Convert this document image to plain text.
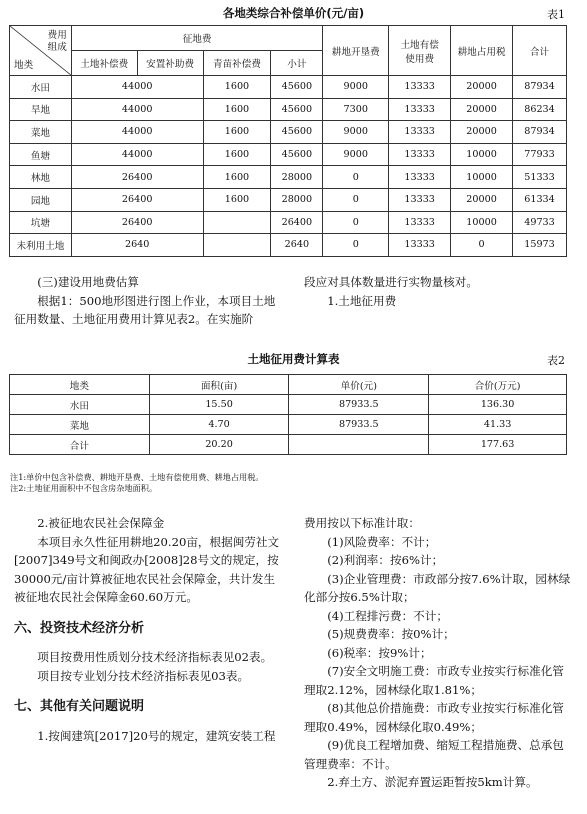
各地类综合补偿单价(元/亩)	表1
费用
组成
地类	征地费				耕地开垦费	土地有偿使用费	耕地占用税	合计
	土地补偿费	安置补助费	青苗补偿费	小计				
水田	44000		1600	45600	9000	13333	20000	87934
旱地	44000		1600	45600	7300	13333	20000	86234
菜地	44000		1600	45600	9000	13333	20000	87934
鱼塘	44000		1600	45600	9000	13333	10000	77933
林地	26400		1600	28000	0	13333	10000	51333
园地	26400		1600	28000	0	13333	20000	61334
坑塘	26400			26400	0	13333	10000	49733
未利用土地	2640			2640	0	13333	0	15973
(三)建设用地费估算
根据1：500地形图进行图上作业，本项目土地征用数量、土地征用费用计算见表2。在实施阶
段应对具体数量进行实物量核对。
1.土地征用费
土地征用费计算表	表2
地类	面积(亩)	单价(元)	合价(万元)
水田	15.50	87933.5	136.30
菜地	4.70	87933.5	41.33
合计	20.20		177.63
注1:单价中包含补偿费、耕地开垦费、土地有偿使用费、耕地占用税。
注2:土地征用面积中不包含房杂地面积。
2.被征地农民社会保障金
本项目永久性征用耕地20.20亩，根据闽劳社文[2007]349号文和闽政办[2008]28号文的规定，按30000元/亩计算被征地农民社会保障金，共计发生被征地农民社会保障金60.60万元。
六、投资技术经济分析
项目按费用性质划分技术经济指标表见02表。
项目按专业划分技术经济指标表见03表。
七、其他有关问题说明
1.按闽建筑[2017]20号的规定，建筑安装工程
费用按以下标准计取：
(1)风险费率：不计；
(2)利润率：按6%计；
(3)企业管理费：市政部分按7.6%计取，园林绿化部分按6.5%计取；
(4)工程排污费：不计；
(5)规费费率：按0%计；
(6)税率：按9%计；
(7)安全文明施工费：市政专业按实行标准化管理取2.12%，园林绿化取1.81%；
(8)其他总价措施费：市政专业按实行标准化管理取0.49%，园林绿化取0.49%；
(9)优良工程增加费、缩短工程措施费、总承包管理费率：不计。
2.弃土方、淤泥弃置运距暂按5km计算。
